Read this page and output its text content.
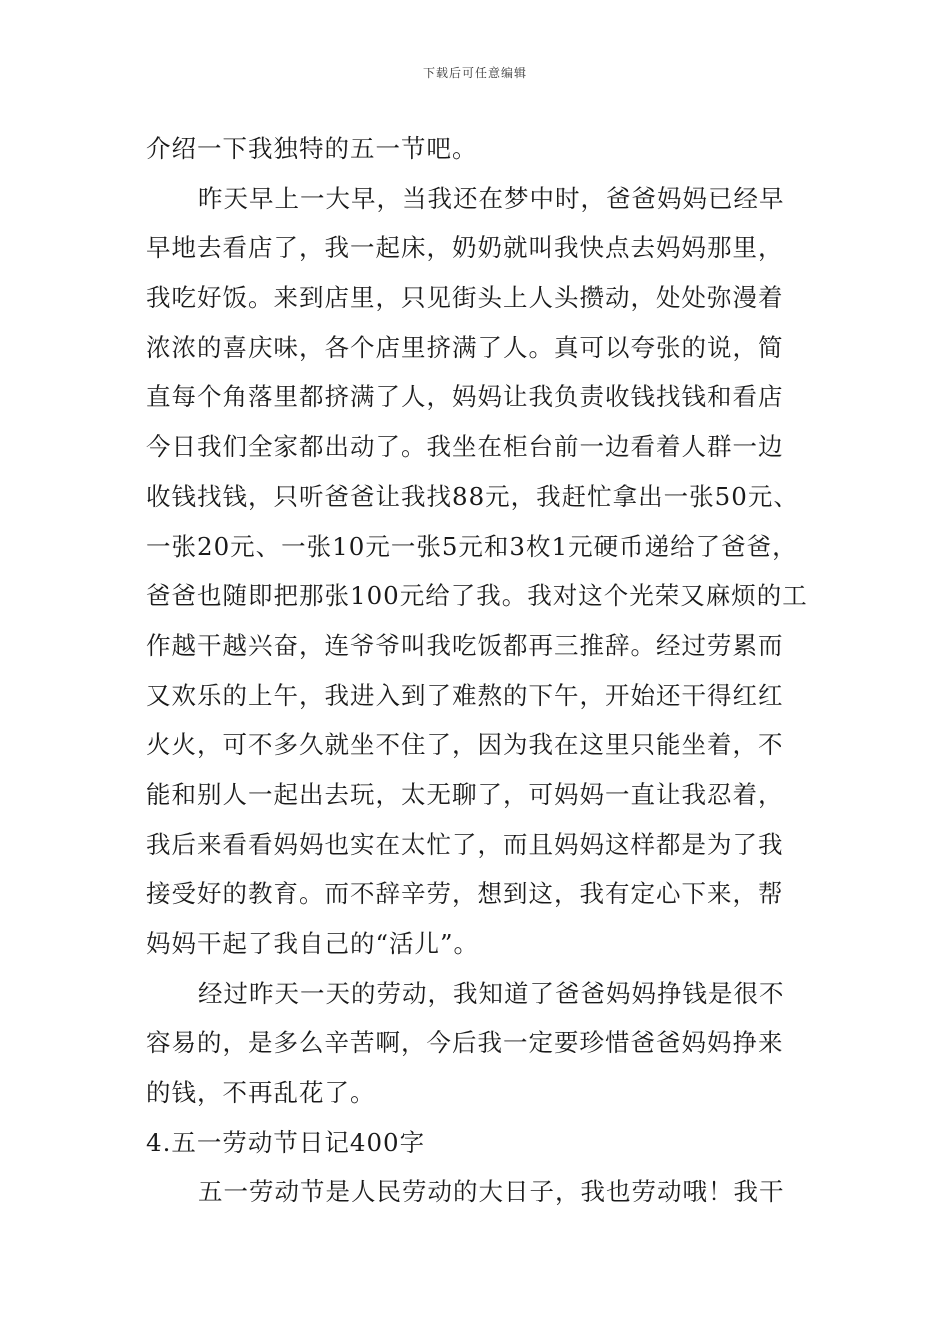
下载后可任意编辑
介绍一下我独特的五一节吧。
昨天早上一大早，当我还在梦中时，爸爸妈妈已经早
早地去看店了，我一起床，奶奶就叫我快点去妈妈那里，
我吃好饭。来到店里，只见街头上人头攒动，处处弥漫着
浓浓的喜庆味，各个店里挤满了人。真可以夸张的说，简
直每个角落里都挤满了人，妈妈让我负责收钱找钱和看店
今日我们全家都出动了。我坐在柜台前一边看着人群一边
收钱找钱，只听爸爸让我找88元，我赶忙拿出一张50元、
一张20元、一张10元一张5元和3枚1元硬币递给了爸爸，
爸爸也随即把那张100元给了我。我对这个光荣又麻烦的工
作越干越兴奋，连爷爷叫我吃饭都再三推辞。经过劳累而
又欢乐的上午，我进入到了难熬的下午，开始还干得红红
火火，可不多久就坐不住了，因为我在这里只能坐着，不
能和别人一起出去玩，太无聊了，可妈妈一直让我忍着，
我后来看看妈妈也实在太忙了，而且妈妈这样都是为了我
接受好的教育。而不辞辛劳，想到这，我有定心下来，帮
妈妈干起了我自己的“活儿”。
经过昨天一天的劳动，我知道了爸爸妈妈挣钱是很不
容易的，是多么辛苦啊，今后我一定要珍惜爸爸妈妈挣来
的钱，不再乱花了。
4.五一劳动节日记400字
五一劳动节是人民劳动的大日子，我也劳动哦！我干
